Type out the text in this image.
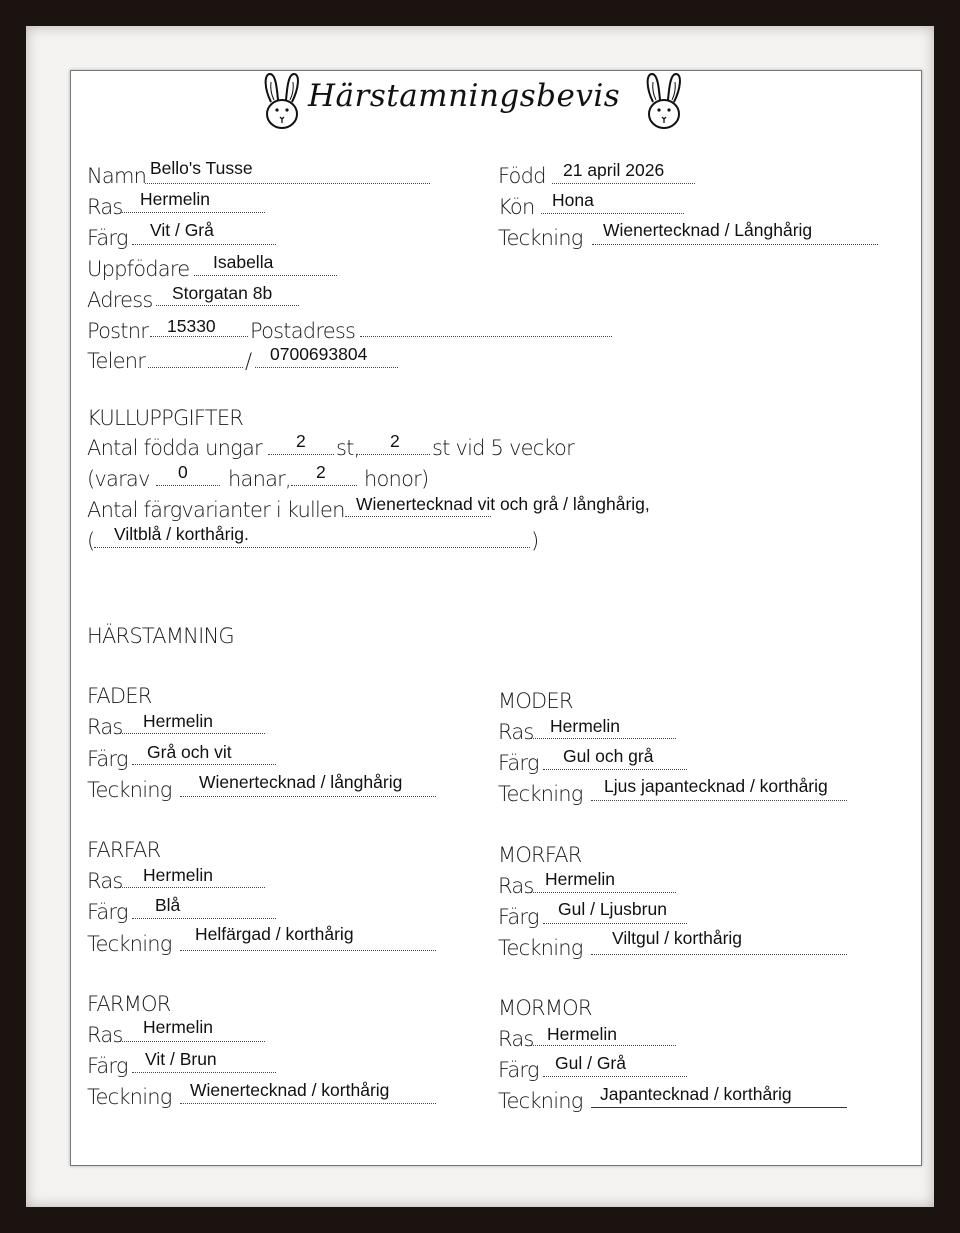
Härstamningsbevis
Namn Bello's Tusse
Ras Hermelin
Färg Vit / Grå
Uppfödare Isabella
Adress Storgatan 8b
Postnr 15330 Postadress
Telenr	/ 0700693804
Född 21 april 2026
Kön Hona
Teckning Wienertecknad / Långhårig
KULLUPPGIFTER
Antal födda ungar 2 st, 2 st vid 5 veckor
(varav 0 hanar, 2 honor)
Antal färgvarianter i kullen Wienertecknad vit och grå / långhårig,
( Viltblå / korthårig.	)
HÄRSTAMNING
FADER
Ras Hermelin
Färg Grå och vit
Teckning Wienertecknad / långhårig
MODER
Ras Hermelin
Färg Gul och grå
Teckning Ljus japantecknad / korthårig
FARFAR
Ras Hermelin
Färg Blå
Teckning Helfärgad / korthårig
MORFAR
Ras Hermelin
Färg Gul / Ljusbrun
Teckning Viltgul / korthårig
FARMOR
Ras Hermelin
Färg Vit / Brun
Teckning Wienertecknad / korthårig
MORMOR
Ras Hermelin
Färg Gul / Grå
Teckning Japantecknad / korthårig
